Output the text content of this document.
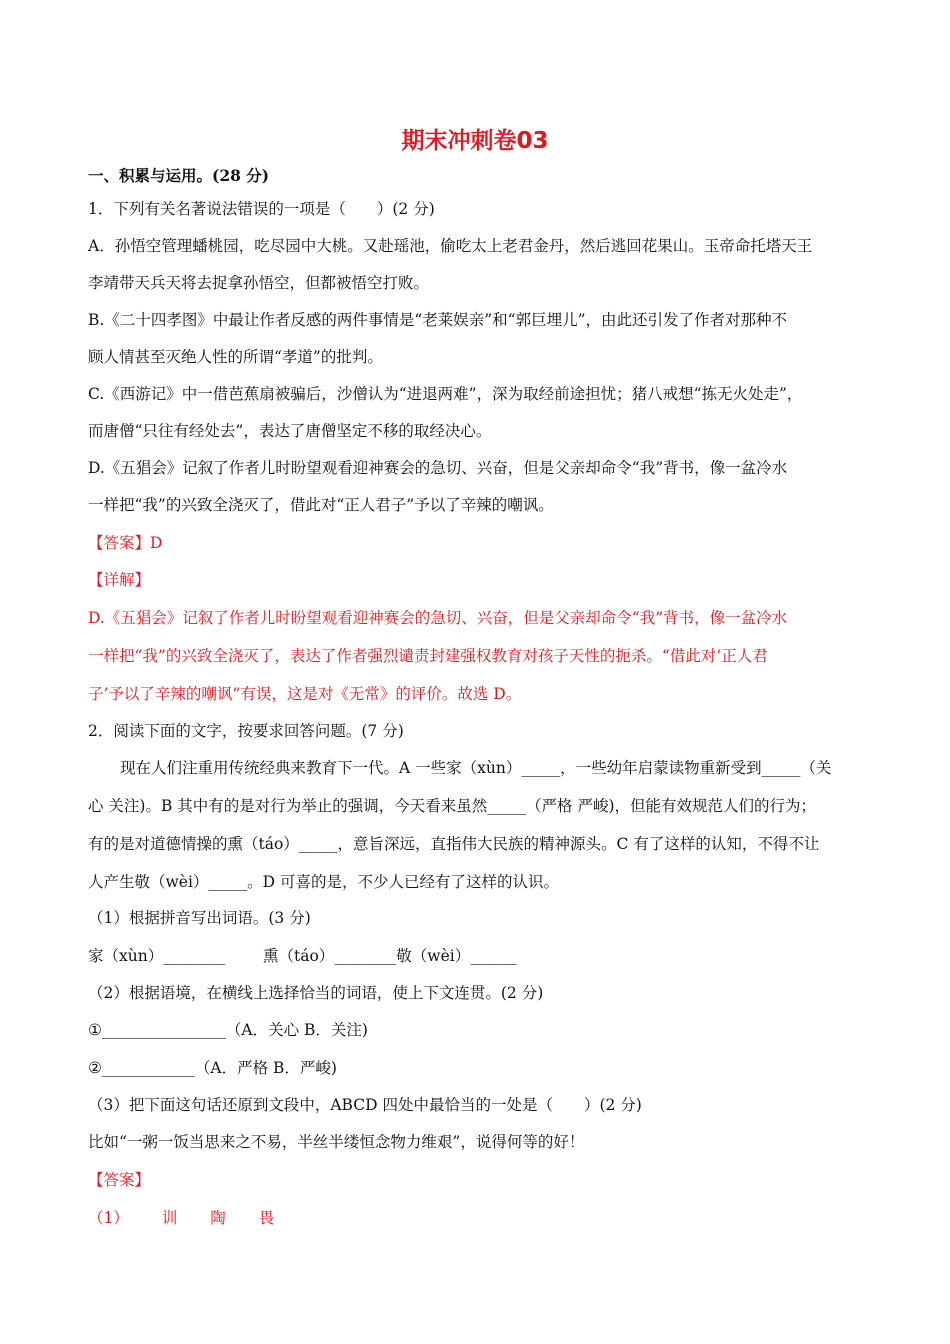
期末冲刺卷03
一、积累与运用。(28 分)
1．下列有关名著说法错误的一项是（　　）(2 分)
A．孙悟空管理蟠桃园，吃尽园中大桃。又赴瑶池，偷吃太上老君金丹，然后逃回花果山。玉帝命托塔天王
李靖带天兵天将去捉拿孙悟空，但都被悟空打败。
B.《二十四孝图》中最让作者反感的两件事情是“老莱娱亲”和“郭巨埋儿”，由此还引发了作者对那种不
顾人情甚至灭绝人性的所谓“孝道”的批判。
C.《西游记》中一借芭蕉扇被骗后，沙僧认为“进退两难”，深为取经前途担忧；猪八戒想“拣无火处走”，
而唐僧“只往有经处去”，表达了唐僧坚定不移的取经决心。
D.《五猖会》记叙了作者儿时盼望观看迎神赛会的急切、兴奋，但是父亲却命令“我”背书，像一盆冷水
一样把“我”的兴致全浇灭了，借此对“正人君子”予以了辛辣的嘲讽。
【答案】D
【详解】
D.《五猖会》记叙了作者儿时盼望观看迎神赛会的急切、兴奋，但是父亲却命令“我”背书，像一盆冷水
一样把“我”的兴致全浇灭了，表达了作者强烈谴责封建强权教育对孩子天性的扼杀。“借此对‘正人君
子’予以了辛辣的嘲讽”有误，这是对《无常》的评价。故选 D。
2．阅读下面的文字，按要求回答问题。(7 分)
现在人们注重用传统经典来教育下一代。A 一些家（xùn）_____，一些幼年启蒙读物重新受到_____（关
心 关注)。B 其中有的是对行为举止的强调，今天看来虽然_____（严格 严峻)，但能有效规范人们的行为；
有的是对道德情操的熏（táo）_____，意旨深远，直指伟大民族的精神源头。C 有了这样的认知，不得不让
人产生敬（wèi）_____。D 可喜的是，不少人已经有了这样的认识。
（1）根据拼音写出词语。(3 分)
家（xùn）________ 熏（táo）________敬（wèi）______
（2）根据语境，在横线上选择恰当的词语，使上下文连贯。(2 分)
①________________（A．关心 B．关注)
②____________（A．严格 B．严峻)
（3）把下面这句话还原到文段中，ABCD 四处中最恰当的一处是（　　）(2 分)
比如“一粥一饭当思来之不易，半丝半缕恒念物力维艰”，说得何等的好！
【答案】
（1） 训 陶 畏
